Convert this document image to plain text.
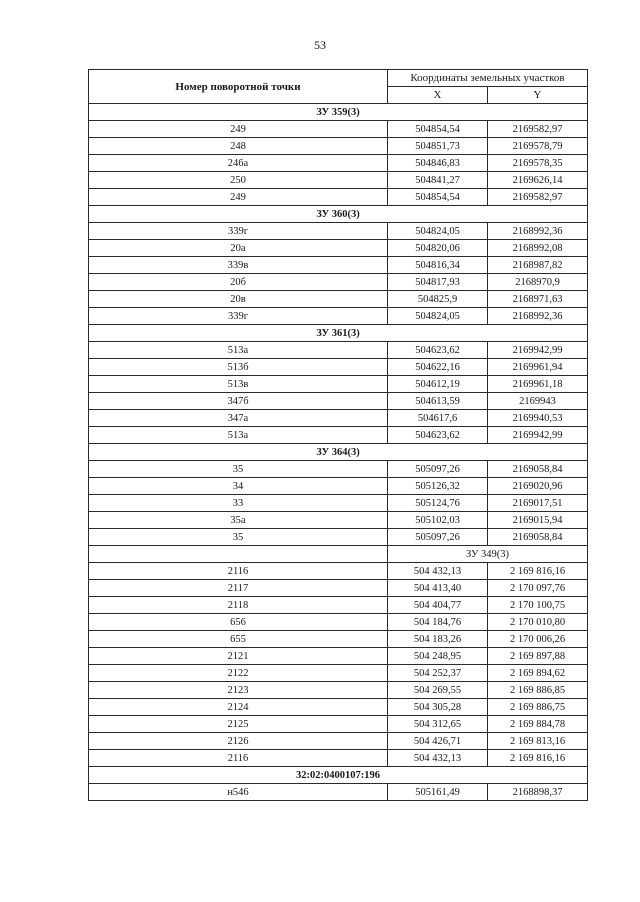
53
Номер поворотной точки	Координаты земельных участков	
	X	Y
ЗУ 359(3)		
249	504854,54	2169582,97
248	504851,73	2169578,79
246а	504846,83	2169578,35
250	504841,27	2169626,14
249	504854,54	2169582,97
ЗУ 360(3)		
339г	504824,05	2168992,36
20а	504820,06	2168992,08
339в	504816,34	2168987,82
20б	504817,93	2168970,9
20в	504825,9	2168971,63
339г	504824,05	2168992,36
ЗУ 361(3)		
513а	504623,62	2169942,99
513б	504622,16	2169961,94
513в	504612,19	2169961,18
347б	504613,59	2169943
347а	504617,6	2169940,53
513а	504623,62	2169942,99
ЗУ 364(3)		
35	505097,26	2169058,84
34	505126,32	2169020,96
33	505124,76	2169017,51
35а	505102,03	2169015,94
35	505097,26	2169058,84
	ЗУ 349(3)	
2116	504 432,13	2 169 816,16
2117	504 413,40	2 170 097,76
2118	504 404,77	2 170 100,75
656	504 184,76	2 170 010,80
655	504 183,26	2 170 006,26
2121	504 248,95	2 169 897,88
2122	504 252,37	2 169 894,62
2123	504 269,55	2 169 886,85
2124	504 305,28	2 169 886,75
2125	504 312,65	2 169 884,78
2126	504 426,71	2 169 813,16
2116	504 432,13	2 169 816,16
32:02:0400107:196		
н546	505161,49	2168898,37
